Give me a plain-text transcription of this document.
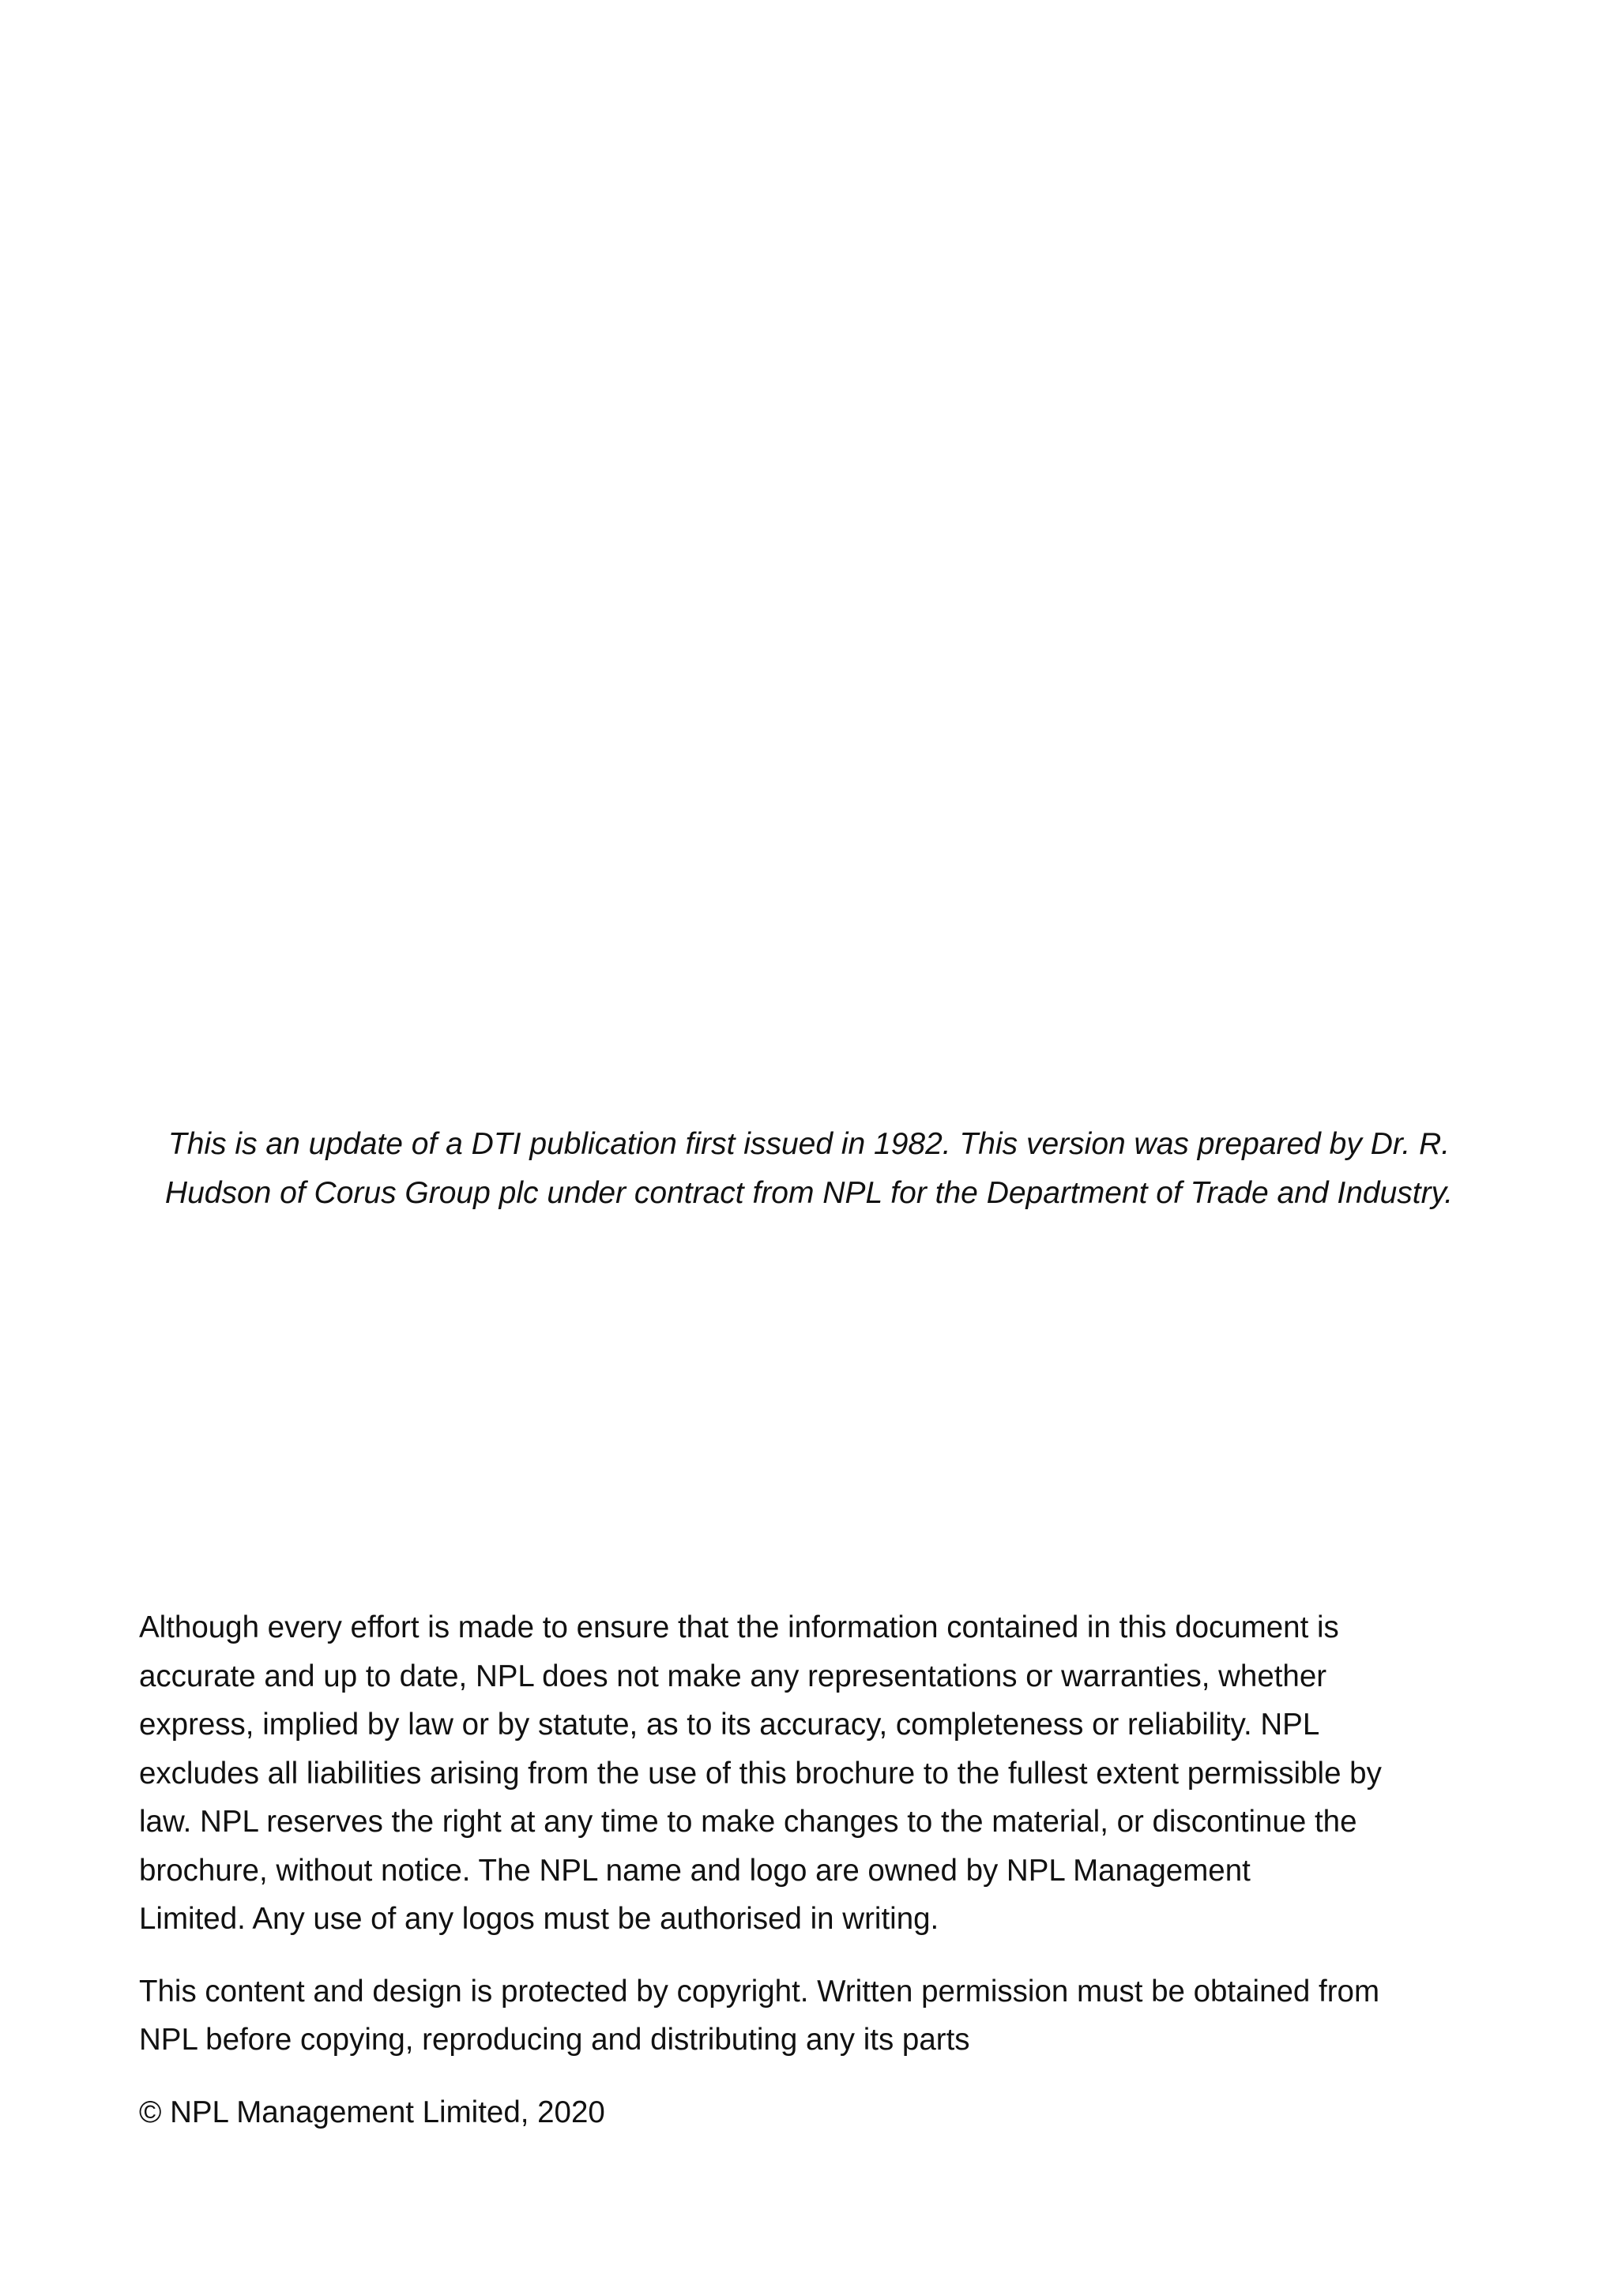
This is an update of a DTI publication first issued in 1982. This version was prepared by Dr. R.
Hudson of Corus Group plc under contract from NPL for the Department of Trade and Industry.

Although every effort is made to ensure that the information contained in this document is
accurate and up to date, NPL does not make any representations or warranties, whether
express, implied by law or by statute, as to its accuracy, completeness or reliability. NPL
excludes all liabilities arising from the use of this brochure to the fullest extent permissible by
law. NPL reserves the right at any time to make changes to the material, or discontinue the
brochure, without notice. The NPL name and logo are owned by NPL Management
Limited. Any use of any logos must be authorised in writing.

This content and design is protected by copyright. Written permission must be obtained from
NPL before copying, reproducing and distributing any its parts

© NPL Management Limited, 2020
